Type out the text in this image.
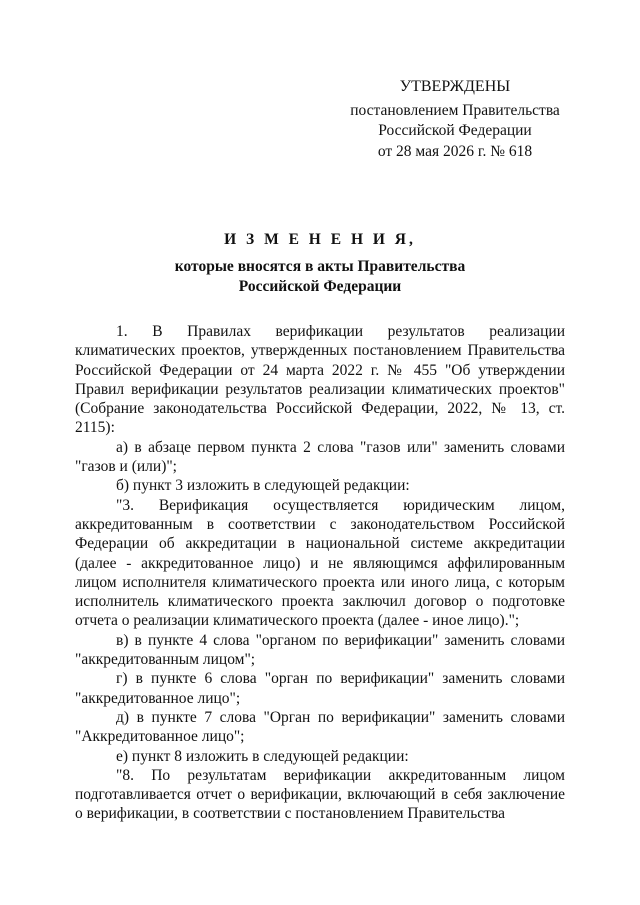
УТВЕРЖДЕНЫ
постановлением Правительства
Российской Федерации
от 28 мая 2026 г. № 618
И З М Е Н Е Н И Я,
которые вносятся в акты Правительства
Российской Федерации

1. В Правилах верификации результатов реализации климатических проектов, утвержденных постановлением Правительства Российской Федерации от 24 марта 2022 г. № 455 "Об утверждении Правил верификации результатов реализации климатических проектов" (Собрание законодательства Российской Федерации, 2022, № 13, ст. 2115):

а) в абзаце первом пункта 2 слова "газов или" заменить словами "газов и (или)";

б) пункт 3 изложить в следующей редакции:

"3. Верификация осуществляется юридическим лицом, аккредитованным в соответствии с законодательством Российской Федерации об аккредитации в национальной системе аккредитации (далее - аккредитованное лицо) и не являющимся аффилированным лицом исполнителя климатического проекта или иного лица, с которым исполнитель климатического проекта заключил договор о подготовке отчета о реализации климатического проекта (далее - иное лицо).";

в) в пункте 4 слова "органом по верификации" заменить словами "аккредитованным лицом";

г) в пункте 6 слова "орган по верификации" заменить словами "аккредитованное лицо";

д) в пункте 7 слова "Орган по верификации" заменить словами "Аккредитованное лицо";

е) пункт 8 изложить в следующей редакции:

"8. По результатам верификации аккредитованным лицом подготавливается отчет о верификации, включающий в себя заключение о верификации, в соответствии с постановлением Правительства
